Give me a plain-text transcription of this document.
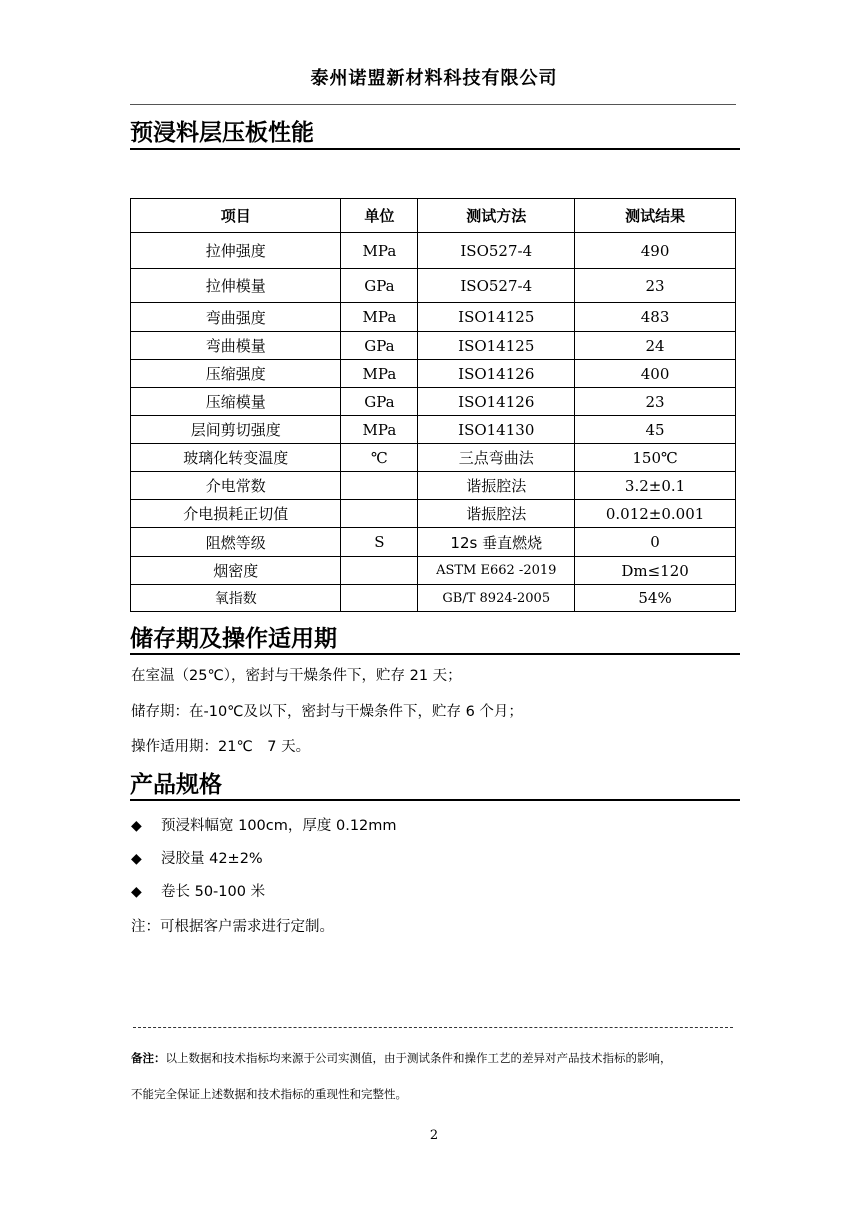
泰州诺盟新材料科技有限公司
预浸料层压板性能
项目	单位	测试方法	测试结果
拉伸强度	MPa	ISO527-4	490
拉伸模量	GPa	ISO527-4	23
弯曲强度	MPa	ISO14125	483
弯曲模量	GPa	ISO14125	24
压缩强度	MPa	ISO14126	400
压缩模量	GPa	ISO14126	23
层间剪切强度	MPa	ISO14130	45
玻璃化转变温度	℃	三点弯曲法	150℃
介电常数		谐振腔法	3.2±0.1
介电损耗正切值		谐振腔法	0.012±0.001
阻燃等级	S	12s 垂直燃烧	0
烟密度		ASTM E662 -2019	Dm≤120
氧指数		GB/T 8924-2005	54%
储存期及操作适用期
在室温（25℃），密封与干燥条件下，贮存 21 天；
储存期：在-10℃及以下，密封与干燥条件下，贮存 6 个月；
操作适用期：21℃　7 天。
产品规格
◆ 预浸料幅宽 100cm，厚度 0.12mm
◆ 浸胶量 42±2%
◆ 卷长 50-100 米
注：可根据客户需求进行定制。
备注：以上数据和技术指标均来源于公司实测值，由于测试条件和操作工艺的差异对产品技术指标的影响，
不能完全保证上述数据和技术指标的重现性和完整性。
2
